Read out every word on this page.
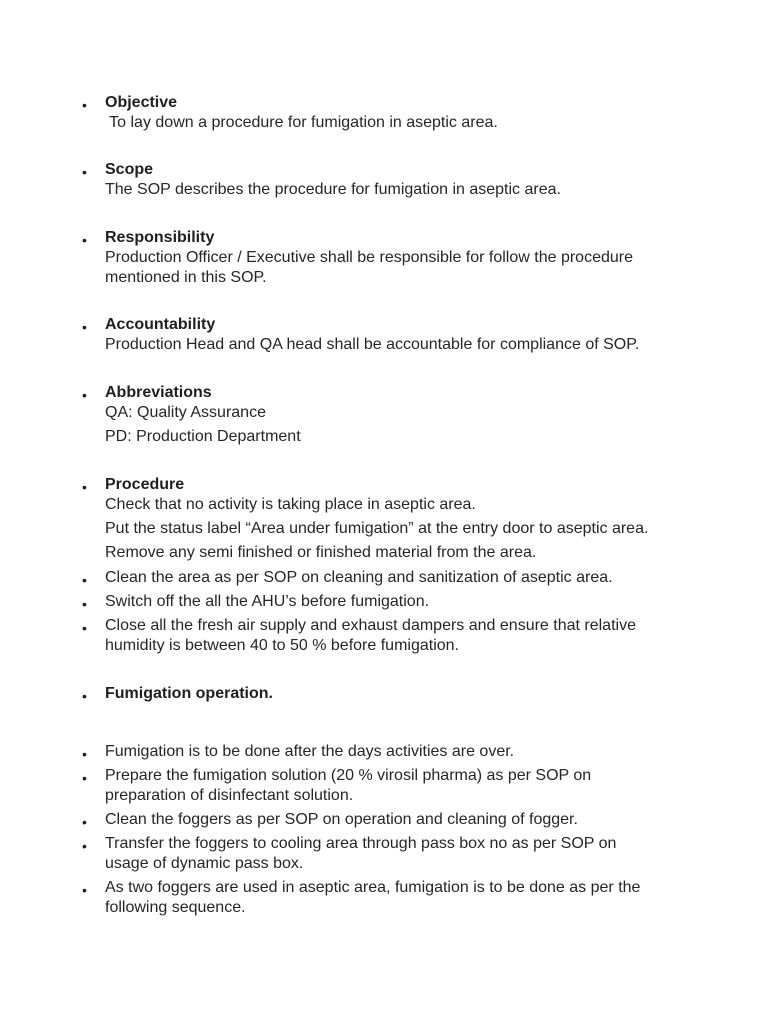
• Objective
To lay down a procedure for fumigation in aseptic area.
• Scope
The SOP describes the procedure for fumigation in aseptic area.
• Responsibility
Production Officer / Executive shall be responsible for follow the procedure
mentioned in this SOP.
• Accountability
Production Head and QA head shall be accountable for compliance of SOP.
• Abbreviations
QA: Quality Assurance
PD: Production Department
• Procedure
Check that no activity is taking place in aseptic area.
Put the status label “Area under fumigation” at the entry door to aseptic area.
Remove any semi finished or finished material from the area.
• Clean the area as per SOP on cleaning and sanitization of aseptic area.
• Switch off the all the AHU’s before fumigation.
• Close all the fresh air supply and exhaust dampers and ensure that relative
humidity is between 40 to 50 % before fumigation.
• Fumigation operation.
• Fumigation is to be done after the days activities are over.
• Prepare the fumigation solution (20 % virosil pharma) as per SOP on
preparation of disinfectant solution.
• Clean the foggers as per SOP on operation and cleaning of fogger.
• Transfer the foggers to cooling area through pass box no as per SOP on
usage of dynamic pass box.
• As two foggers are used in aseptic area, fumigation is to be done as per the
following sequence.
